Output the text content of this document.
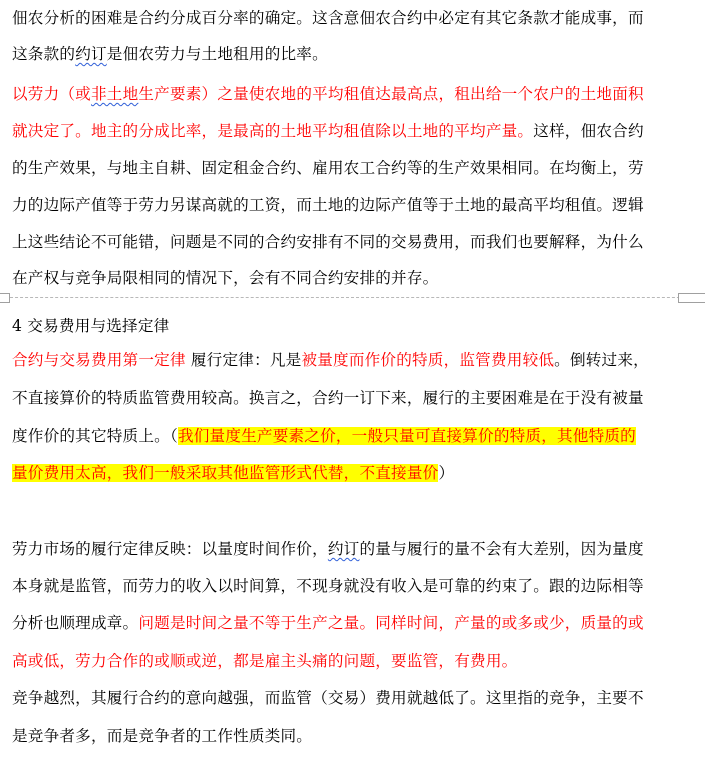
佃农分析的困难是合约分成百分率的确定。这含意佃农合约中必定有其它条款才能成事，而
这条款的约订是佃农劳力与土地租用的比率。
以劳力（或非土地生产要素）之量使农地的平均租值达最高点，租出给一个农户的土地面积
就决定了。地主的分成比率，是最高的土地平均租值除以土地的平均产量。这样，佃农合约
的生产效果，与地主自耕、固定租金合约、雇用农工合约等的生产效果相同。在均衡上，劳
力的边际产值等于劳力另谋高就的工资，而土地的边际产值等于土地的最高平均租值。逻辑
上这些结论不可能错，问题是不同的合约安排有不同的交易费用，而我们也要解释，为什么
在产权与竞争局限相同的情况下，会有不同合约安排的并存。
4 交易费用与选择定律
合约与交易费用第一定律 履行定律：凡是被量度而作价的特质，监管费用较低。倒转过来，
不直接算价的特质监管费用较高。换言之，合约一订下来，履行的主要困难是在于没有被量
度作价的其它特质上。（我们量度生产要素之价，一般只量可直接算价的特质，其他特质的
量价费用太高，我们一般采取其他监管形式代替，不直接量价）
劳力市场的履行定律反映：以量度时间作价，约订的量与履行的量不会有大差别，因为量度
本身就是监管，而劳力的收入以时间算，不现身就没有收入是可靠的约束了。跟的边际相等
分析也顺理成章。问题是时间之量不等于生产之量。同样时间，产量的或多或少，质量的或
高或低，劳力合作的或顺或逆，都是雇主头痛的问题，要监管，有费用。
竞争越烈，其履行合约的意向越强，而监管（交易）费用就越低了。这里指的竞争，主要不
是竞争者多，而是竞争者的工作性质类同。
